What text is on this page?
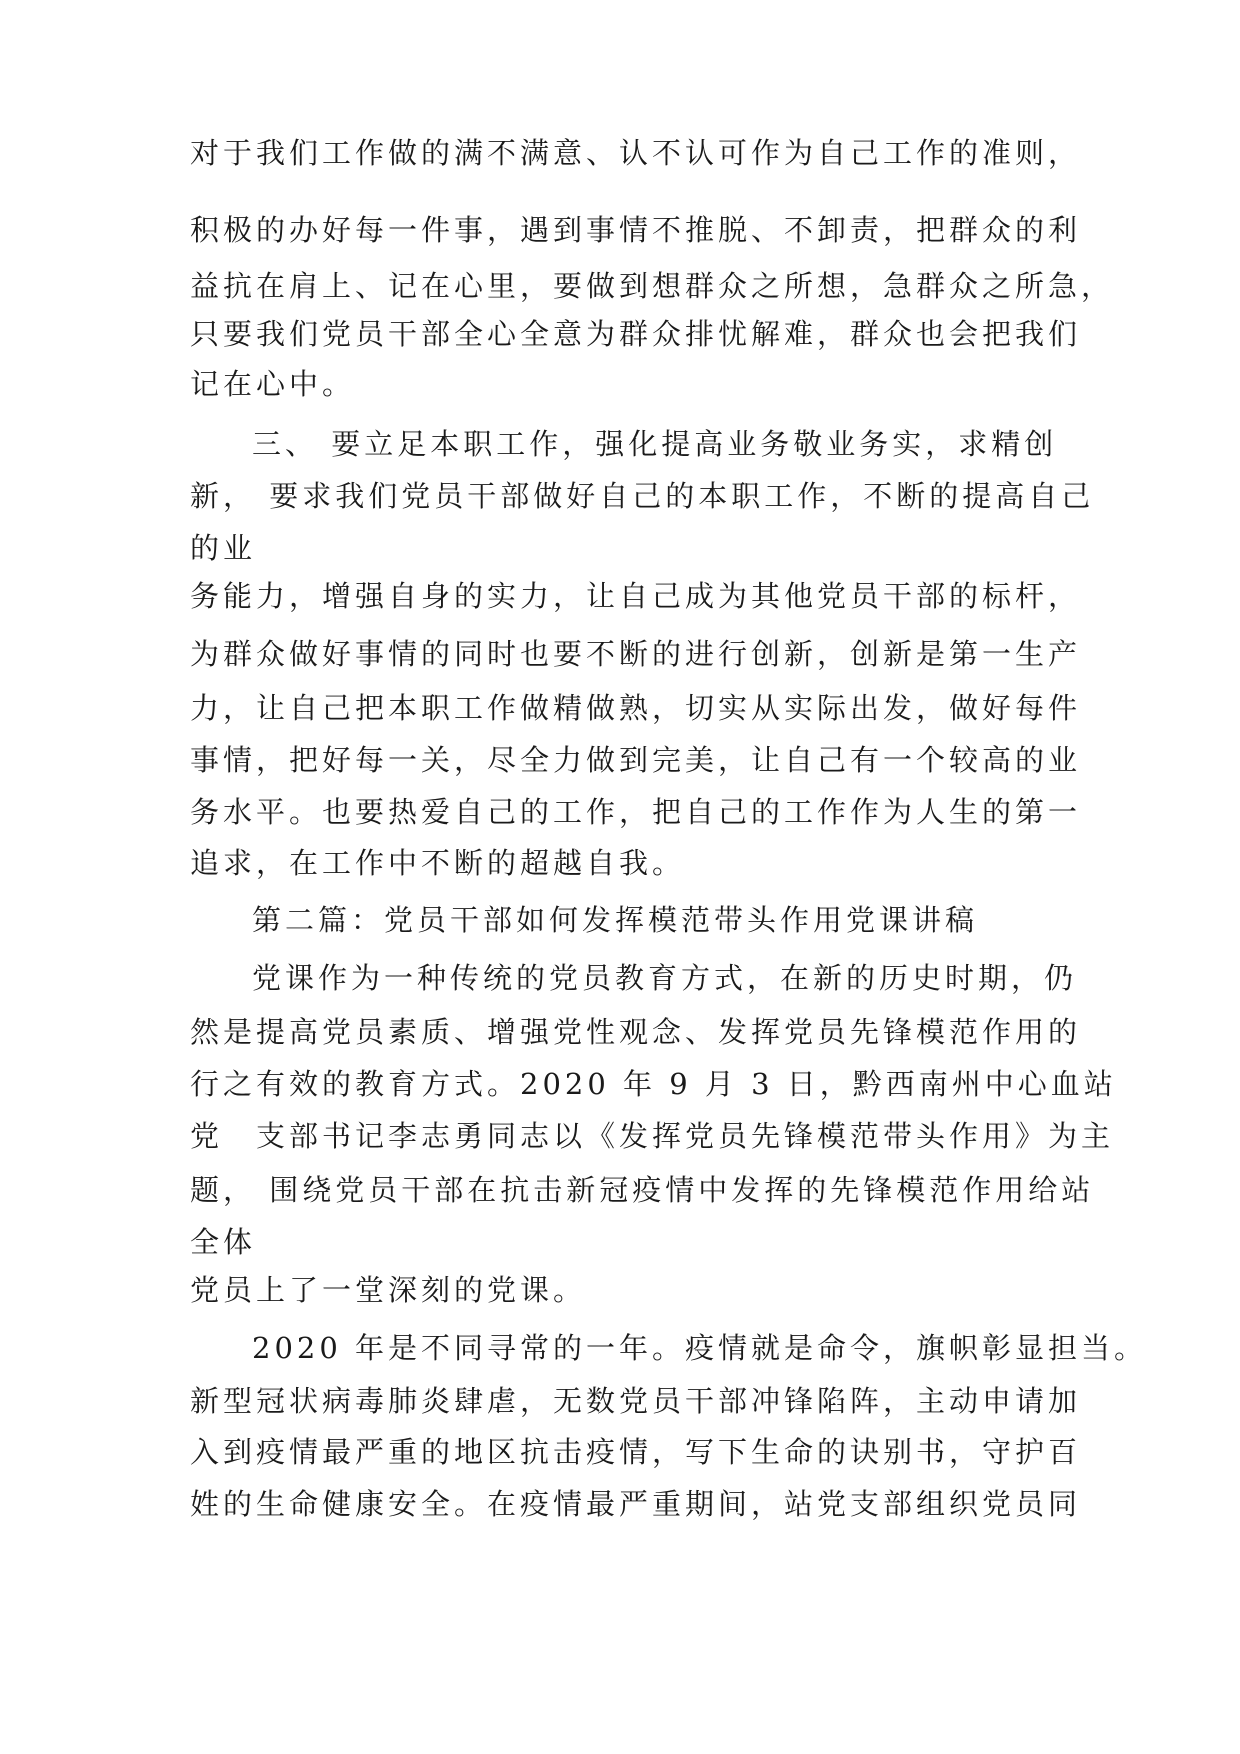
对于我们工作做的满不满意、认不认可作为自己工作的准则，
积极的办好每一件事，遇到事情不推脱、不卸责，把群众的利
益抗在肩上、记在心里，要做到想群众之所想，急群众之所急，
只要我们党员干部全心全意为群众排忧解难，群众也会把我们
记在心中。
三、 要立足本职工作，强化提高业务敬业务实，求精创
新， 要求我们党员干部做好自己的本职工作，不断的提高自己
的业
务能力，增强自身的实力，让自己成为其他党员干部的标杆，
为群众做好事情的同时也要不断的进行创新，创新是第一生产
力，让自己把本职工作做精做熟，切实从实际出发，做好每件
事情，把好每一关，尽全力做到完美，让自己有一个较高的业
务水平。也要热爱自己的工作，把自己的工作作为人生的第一
追求，在工作中不断的超越自我。
第二篇：党员干部如何发挥模范带头作用党课讲稿
党课作为一种传统的党员教育方式，在新的历史时期，仍
然是提高党员素质、增强党性观念、发挥党员先锋模范作用的
行之有效的教育方式。2020 年 9 月 3 日，黔西南州中心血站
党　支部书记李志勇同志以《发挥党员先锋模范带头作用》为主
题， 围绕党员干部在抗击新冠疫情中发挥的先锋模范作用给站
全体
党员上了一堂深刻的党课。
2020 年是不同寻常的一年。疫情就是命令，旗帜彰显担当。
新型冠状病毒肺炎肆虐，无数党员干部冲锋陷阵，主动申请加
入到疫情最严重的地区抗击疫情，写下生命的诀别书，守护百
姓的生命健康安全。在疫情最严重期间，站党支部组织党员同
